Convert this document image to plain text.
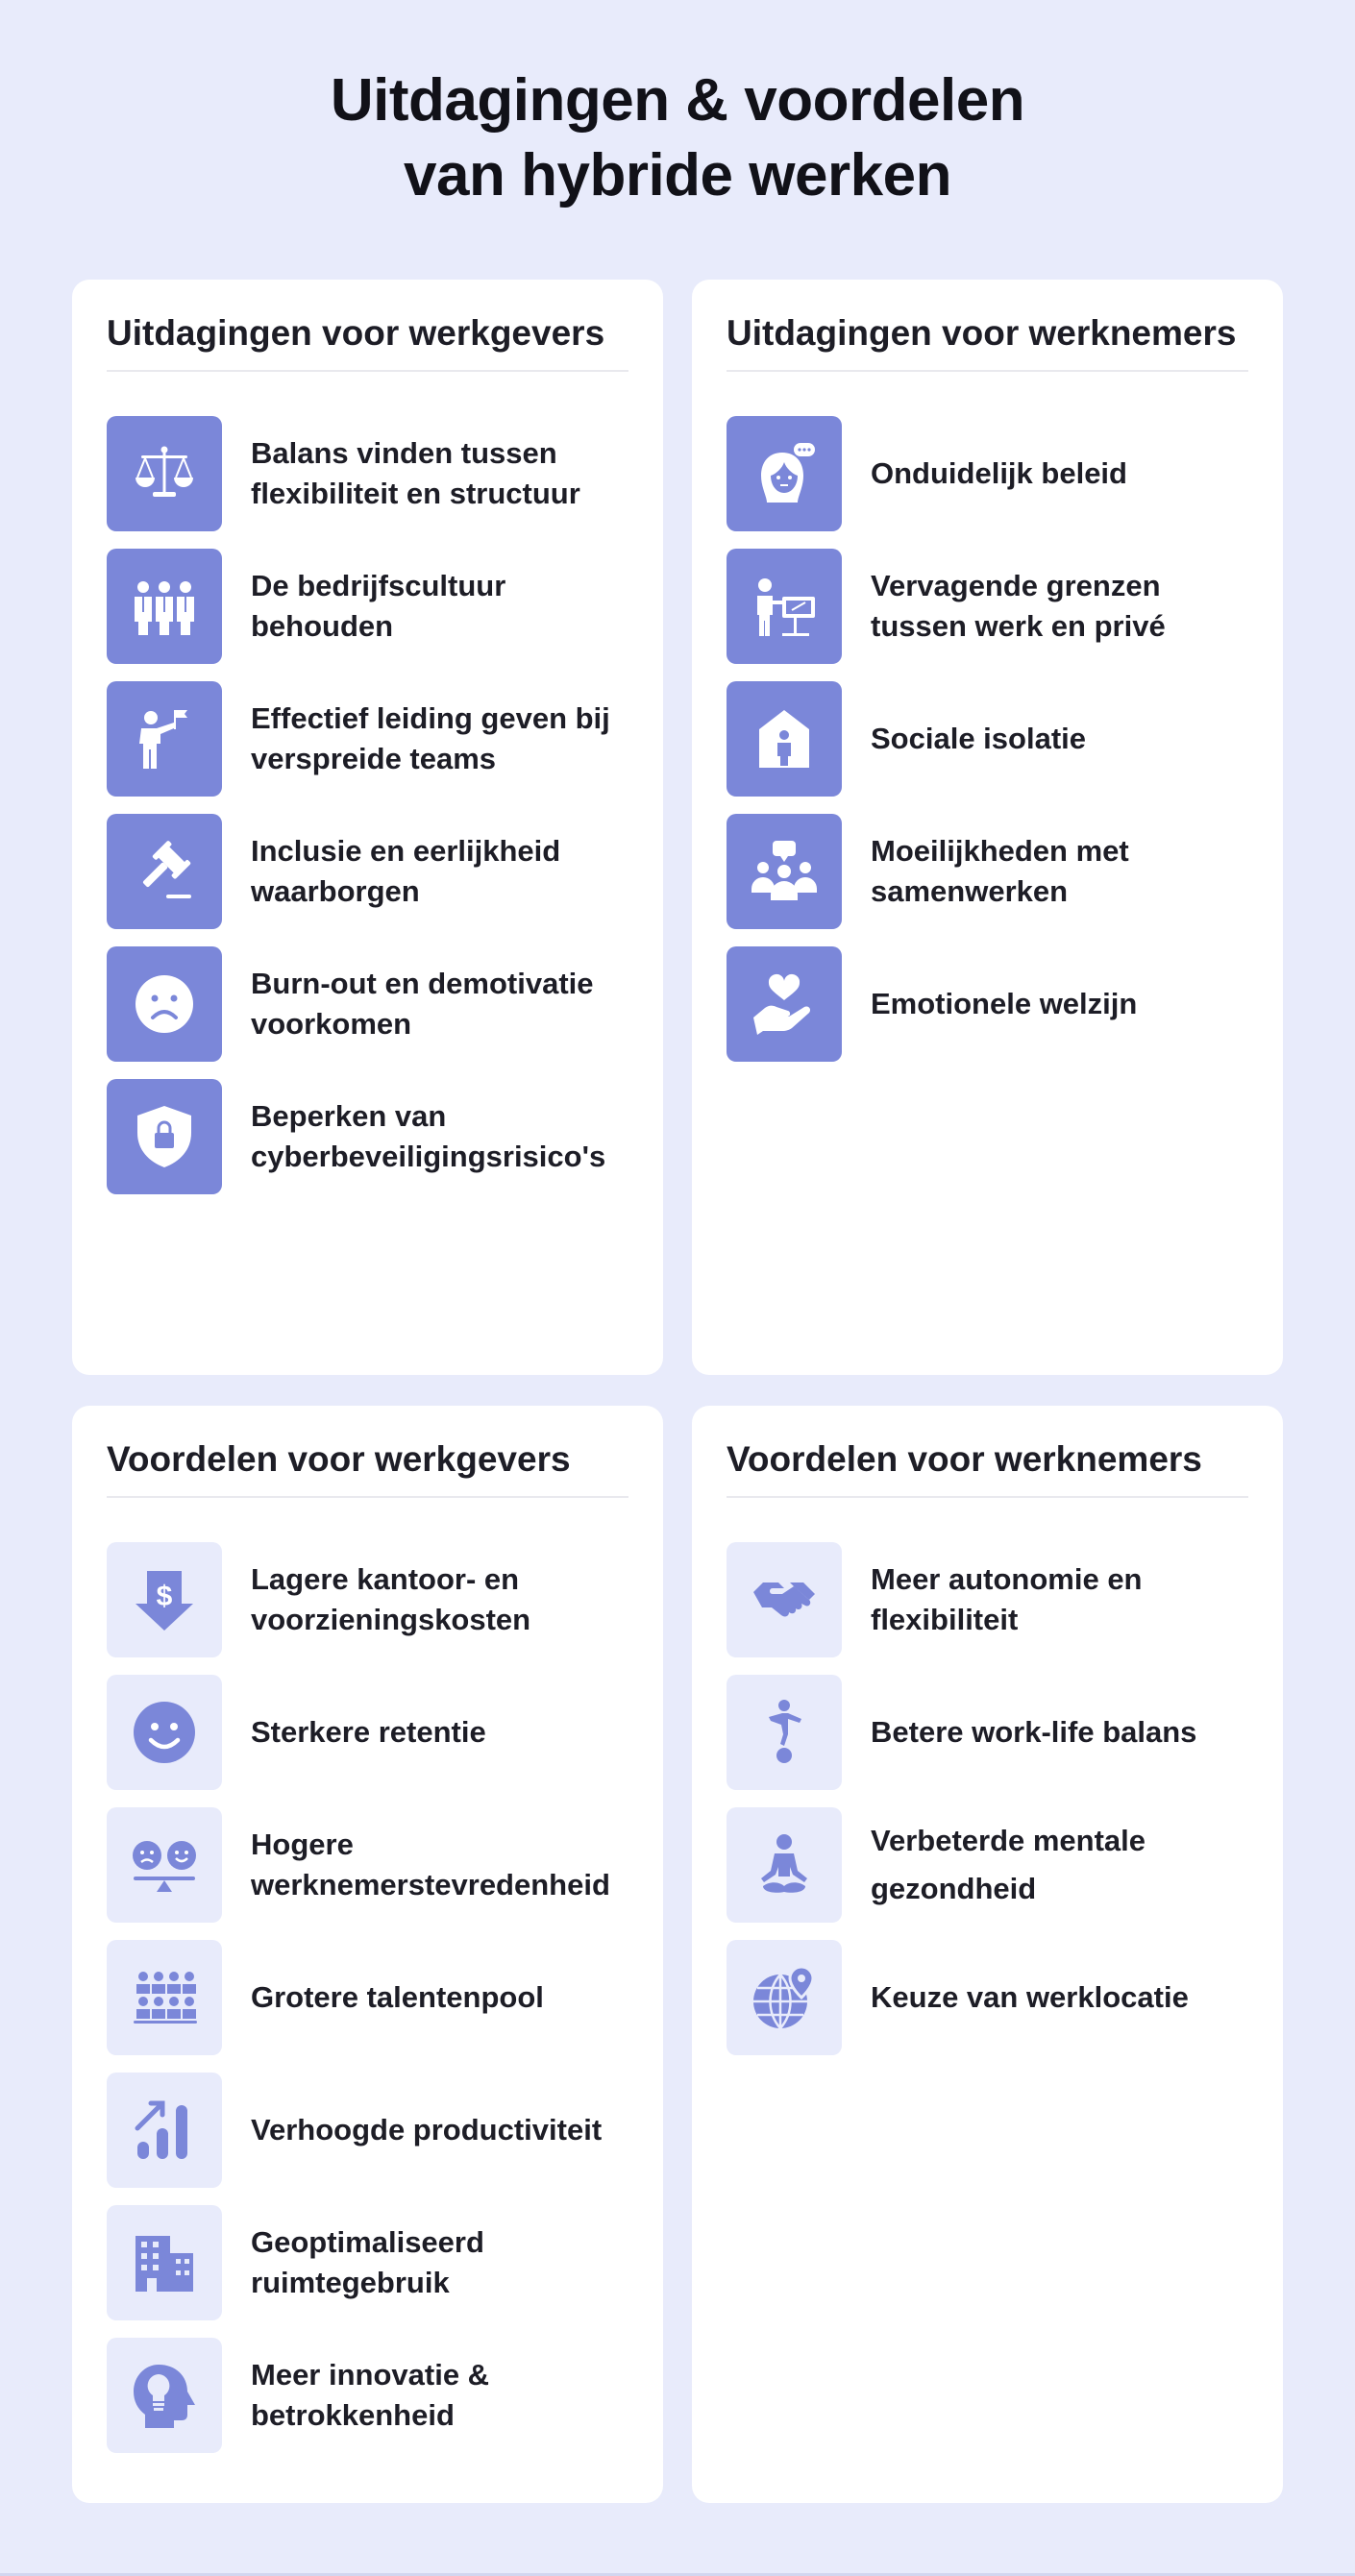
Uitdagingen & voordelen
van hybride werken
Uitdagingen voor werkgevers
Balans vinden tussen flexibiliteit en structuur
De bedrijfscultuur behouden
Effectief leiding geven bij verspreide teams
Inclusie en eerlijkheid waarborgen
Burn-out en demotivatie voorkomen
Beperken van cyberbeveiligingsrisico's
Uitdagingen voor werknemers
Onduidelijk beleid
Vervagende grenzen tussen werk en privé
Sociale isolatie
Moeilijkheden met samenwerken
Emotionele welzijn
Voordelen voor werkgevers
$
Lagere kantoor- en voorzieningskosten
Sterkere retentie
Hogere werknemerstevredenheid
Grotere talentenpool
Verhoogde productiviteit
Geoptimaliseerd ruimtegebruik
Meer innovatie & betrokkenheid
Voordelen voor werknemers
Meer autonomie en flexibiliteit
Betere work-life balans
Verbeterde mentale gezondheid
Keuze van werklocatie
